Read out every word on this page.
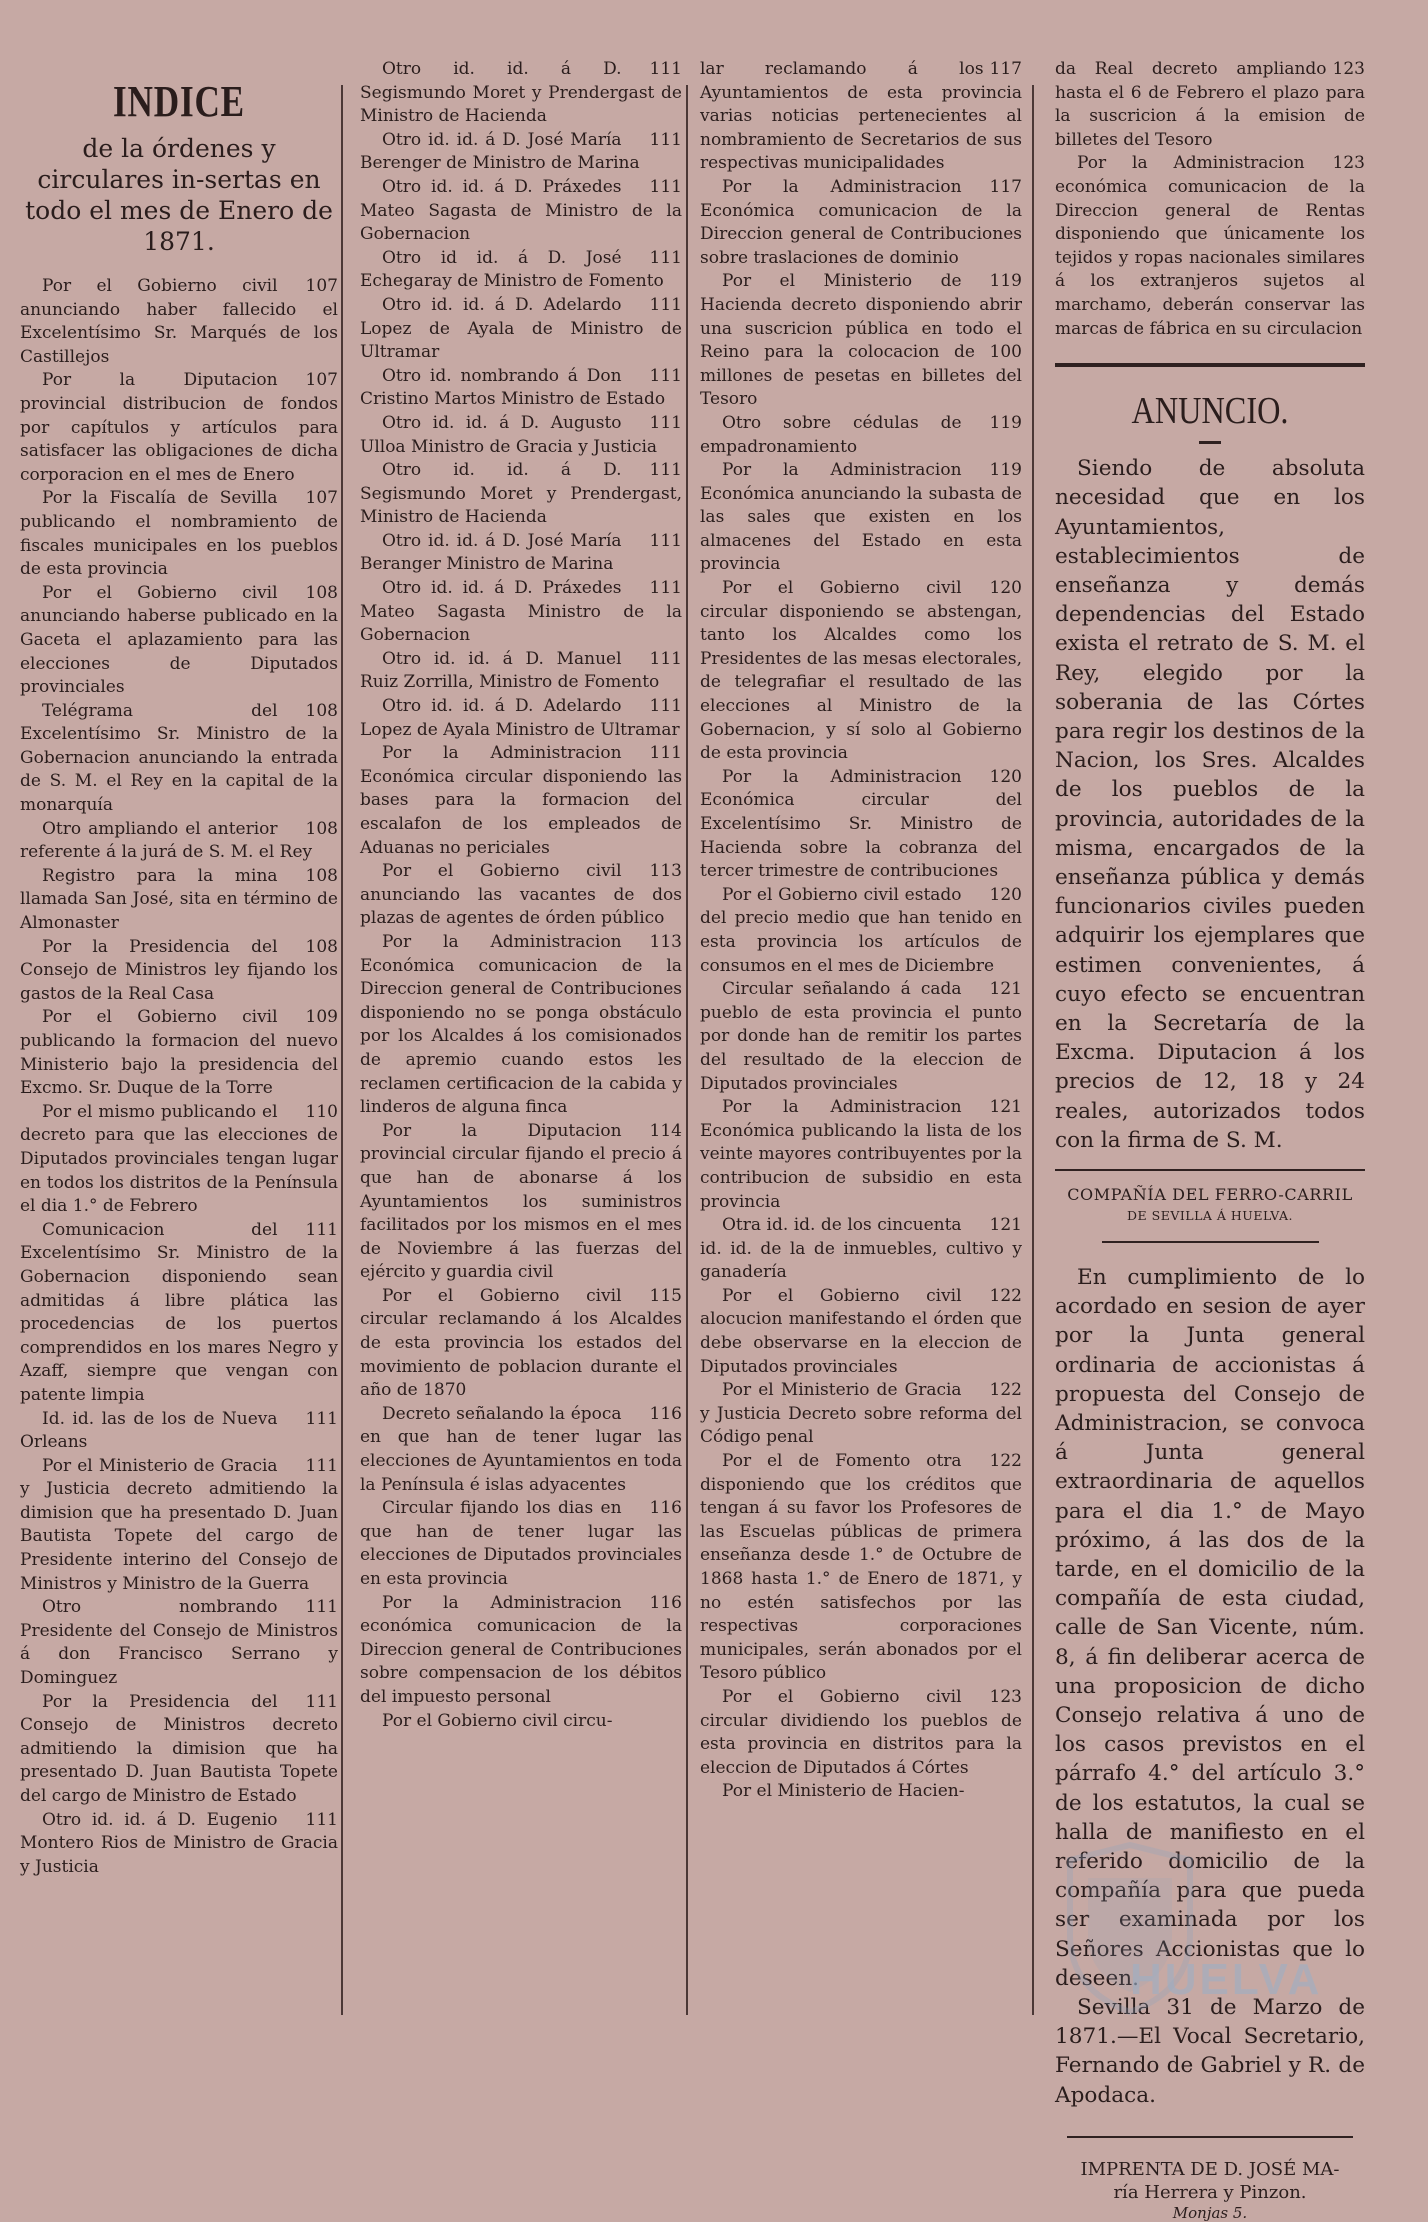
INDICE
de la órdenes y circulares in-sertas en todo el mes de Enero de 1871.

107
Por el Gobierno civil anunciando haber fallecido el Excelentísimo Sr. Marqués de los Castillejos

107
Por la Diputacion provincial distribucion de fondos por capítulos y artículos para satisfacer las obligaciones de dicha corporacion en el mes de Enero

107
Por la Fiscalía de Sevilla publicando el nombramiento de fiscales municipales en los pueblos de esta provincia

108
Por el Gobierno civil anunciando haberse publicado en la Gaceta el aplazamiento para las elecciones de Diputados provinciales

108
Telégrama del Excelentísimo Sr. Ministro de la Gobernacion anunciando la entrada de S. M. el Rey en la capital de la monarquía

108
Otro ampliando el anterior referente á la jurá de S. M. el Rey

108
Registro para la mina llamada San José, sita en término de Almonaster

108
Por la Presidencia del Consejo de Ministros ley fijando los gastos de la Real Casa

109
Por el Gobierno civil publicando la formacion del nuevo Ministerio bajo la presidencia del Excmo. Sr. Duque de la Torre

110
Por el mismo publicando el decreto para que las elecciones de Diputados provinciales tengan lugar en todos los distritos de la Península el dia 1.° de Febrero

111
Comunicacion del Excelentísimo Sr. Ministro de la Gobernacion disponiendo sean admitidas á libre plática las procedencias de los puertos comprendidos en los mares Negro y Azaff, siempre que vengan con patente limpia

111
Id. id. las de los de Nueva Orleans

111
Por el Ministerio de Gracia y Justicia decreto admitiendo la dimision que ha presentado D. Juan Bautista Topete del cargo de Presidente interino del Consejo de Ministros y Ministro de la Guerra

111
Otro nombrando Presidente del Consejo de Ministros á don Francisco Serrano y Dominguez

111
Por la Presidencia del Consejo de Ministros decreto admitiendo la dimision que ha presentado D. Juan Bautista Topete del cargo de Ministro de Estado

111
Otro id. id. á D. Eugenio Montero Rios de Ministro de Gracia y Justicia

111
Otro id. id. á D. Segismundo Moret y Prendergast de Ministro de Hacienda

111
Otro id. id. á D. José María Berenger de Ministro de Marina

111
Otro id. id. á D. Práxedes Mateo Sagasta de Ministro de la Gobernacion

111
Otro id id. á D. José Echegaray de Ministro de Fomento

111
Otro id. id. á D. Adelardo Lopez de Ayala de Ministro de Ultramar

111
Otro id. nombrando á Don Cristino Martos Ministro de Estado

111
Otro id. id. á D. Augusto Ulloa Ministro de Gracia y Justicia

111
Otro id. id. á D. Segismundo Moret y Prendergast, Ministro de Hacienda

111
Otro id. id. á D. José María Beranger Ministro de Marina

111
Otro id. id. á D. Práxedes Mateo Sagasta Ministro de la Gobernacion

111
Otro id. id. á D. Manuel Ruiz Zorrilla, Ministro de Fomento

111
Otro id. id. á D. Adelardo Lopez de Ayala Ministro de Ultramar

111
Por la Administracion Económica circular disponiendo las bases para la formacion del escalafon de los empleados de Aduanas no periciales

113
Por el Gobierno civil anunciando las vacantes de dos plazas de agentes de órden público

113
Por la Administracion Económica comunicacion de la Direccion general de Contribuciones disponiendo no se ponga obstáculo por los Alcaldes á los comisionados de apremio cuando estos les reclamen certificacion de la cabida y linderos de alguna finca

114
Por la Diputacion provincial circular fijando el precio á que han de abonarse á los Ayuntamientos los suministros facilitados por los mismos en el mes de Noviembre á las fuerzas del ejército y guardia civil

115
Por el Gobierno civil circular reclamando á los Alcaldes de esta provincia los estados del movimiento de poblacion durante el año de 1870

116
Decreto señalando la época en que han de tener lugar las elecciones de Ayuntamientos en toda la Península é islas adyacentes

116
Circular fijando los dias en que han de tener lugar las elecciones de Diputados provinciales en esta provincia

116
Por la Administracion económica comunicacion de la Direccion general de Contribuciones sobre compensacion de los débitos del impuesto personal

Por el Gobierno civil circu-

117
lar reclamando á los Ayuntamientos de esta provincia varias noticias pertenecientes al nombramiento de Secretarios de sus respectivas municipalidades

117
Por la Administracion Económica comunicacion de la Direccion general de Contribuciones sobre traslaciones de dominio

119
Por el Ministerio de Hacienda decreto disponiendo abrir una suscricion pública en todo el Reino para la colocacion de 100 millones de pesetas en billetes del Tesoro

119
Otro sobre cédulas de empadronamiento

119
Por la Administracion Económica anunciando la subasta de las sales que existen en los almacenes del Estado en esta provincia

120
Por el Gobierno civil circular disponiendo se abstengan, tanto los Alcaldes como los Presidentes de las mesas electorales, de telegrafiar el resultado de las elecciones al Ministro de la Gobernacion, y sí solo al Gobierno de esta provincia

120
Por la Administracion Económica circular del Excelentísimo Sr. Ministro de Hacienda sobre la cobranza del tercer trimestre de contribuciones

120
Por el Gobierno civil estado del precio medio que han tenido en esta provincia los artículos de consumos en el mes de Diciembre

121
Circular señalando á cada pueblo de esta provincia el punto por donde han de remitir los partes del resultado de la eleccion de Diputados provinciales

121
Por la Administracion Económica publicando la lista de los veinte mayores contribuyentes por la contribucion de subsidio en esta provincia

121
Otra id. id. de los cincuenta id. id. de la de inmuebles, cultivo y ganadería

122
Por el Gobierno civil alocucion manifestando el órden que debe observarse en la eleccion de Diputados provinciales

122
Por el Ministerio de Gracia y Justicia Decreto sobre reforma del Código penal

122
Por el de Fomento otra disponiendo que los créditos que tengan á su favor los Profesores de las Escuelas públicas de primera enseñanza desde 1.° de Octubre de 1868 hasta 1.° de Enero de 1871, y no estén satisfechos por las respectivas corporaciones municipales, serán abonados por el Tesoro público

123
Por el Gobierno civil circular dividiendo los pueblos de esta provincia en distritos para la eleccion de Diputados á Córtes

Por el Ministerio de Hacien-

123
da Real decreto ampliando hasta el 6 de Febrero el plazo para la suscricion á la emision de billetes del Tesoro

123
Por la Administracion económica comunicacion de la Direccion general de Rentas disponiendo que únicamente los tejidos y ropas nacionales similares á los extranjeros sujetos al marchamo, deberán conservar las marcas de fábrica en su circulacion

ANUNCIO.

Siendo de absoluta necesidad que en los Ayuntamientos, establecimientos de enseñanza y demás dependencias del Estado exista el retrato de S. M. el Rey, elegido por la soberania de las Córtes para regir los destinos de la Nacion, los Sres. Alcaldes de los pueblos de la provincia, autoridades de la misma, encargados de la enseñanza pública y demás funcionarios civiles pueden adquirir los ejemplares que estimen convenientes, á cuyo efecto se encuentran en la Secretaría de la Excma. Diputacion á los precios de 12, 18 y 24 reales, autorizados todos con la firma de S. M.

COMPAÑÍA DEL FERRO-CARRIL

DE SEVILLA Á HUELVA.

En cumplimiento de lo acordado en sesion de ayer por la Junta general ordinaria de accionistas á propuesta del Consejo de Administracion, se convoca á Junta general extraordinaria de aquellos para el dia 1.° de Mayo próximo, á las dos de la tarde, en el domicilio de la compañía de esta ciudad, calle de San Vicente, núm. 8, á fin deliberar acerca de una proposicion de dicho Consejo relativa á uno de los casos previstos en el párrafo 4.° del artículo 3.° de los estatutos, la cual se halla de manifiesto en el referido domicilio de la compañía para que pueda ser examinada por los Señores Accionistas que lo deseen.

Sevilla 31 de Marzo de 1871.—El Vocal Secretario, Fernando de Gabriel y R. de Apodaca.

IMPRENTA DE D. JOSÉ MA-

ría Herrera y Pinzon.

Monjas 5.

HUELVA
